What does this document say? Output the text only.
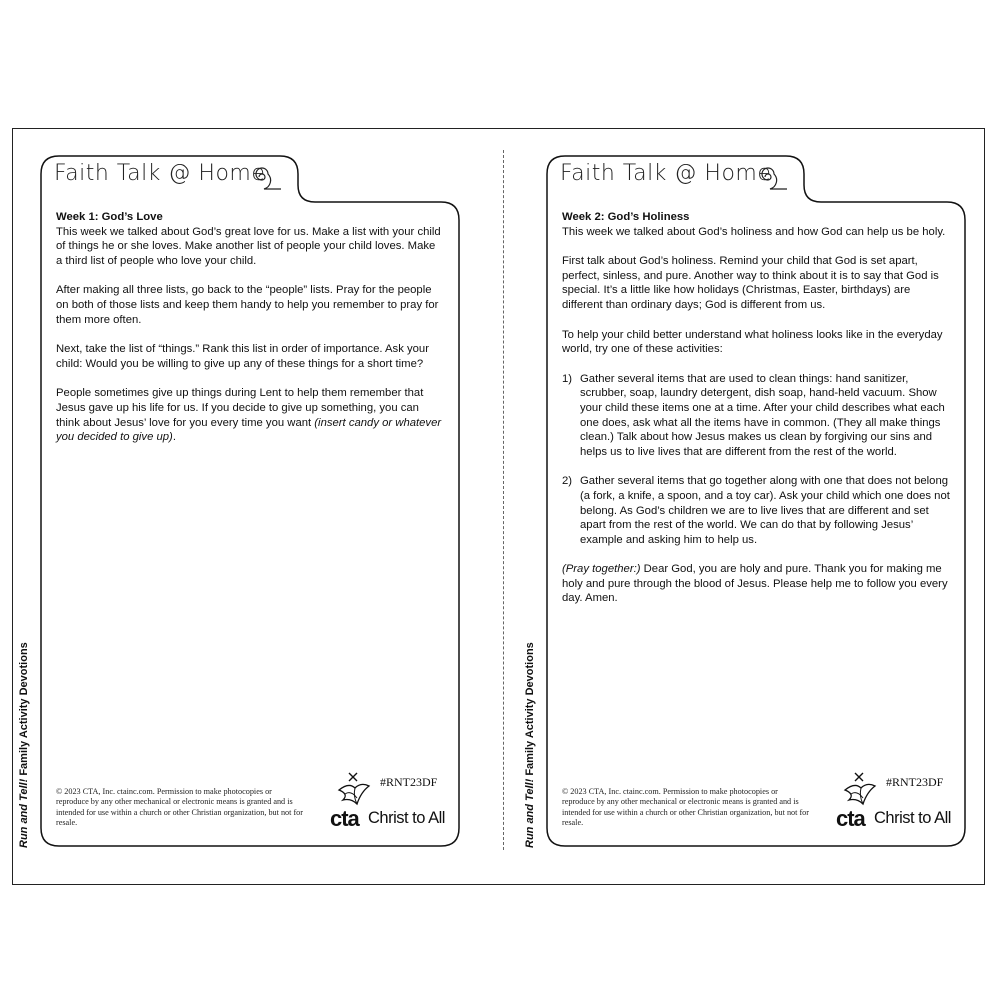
Run and Tell! Family Activity Devotions
Run and Tell! Family Activity Devotions
Faith Talk @ Home

Week 1: God’s Love

This week we talked about God’s great love for us. Make a list with your child of things he or she loves. Make another list of people your child loves. Make a third list of people who love your child.

After making all three lists, go back to the “people” lists. Pray for the people on both of those lists and keep them handy to help you remember to pray for them more often.

Next, take the list of “things.” Rank this list in order of importance. Ask your child: Would you be willing to give up any of these things for a short time?

People sometimes give up things during Lent to help them remember that Jesus gave up his life for us. If you decide to give up something, you can think about Jesus’ love for you every time you want (insert candy or whatever you decided to give up).

© 2023 CTA, Inc. ctainc.com. Permission to make photocopies or reproduce by any other mechanical or electronic means is granted and is intended for use within a church or other Christian organization, but not for resale.	cta Christ to All
#RNT23DF
Faith Talk @ Home

Week 2: God’s Holiness

This week we talked about God’s holiness and how God can help us be holy.

First talk about God’s holiness. Remind your child that God is set apart, perfect, sinless, and pure. Another way to think about it is to say that God is special. It’s a little like how holidays (Christmas, Easter, birthdays) are different than ordinary days; God is different from us.

To help your child better understand what holiness looks like in the everyday world, try one of these activities:

1) Gather several items that are used to clean things: hand sanitizer, scrubber, soap, laundry detergent, dish soap, hand-held vacuum. Show your child these items one at a time. After your child describes what each one does, ask what all the items have in common. (They all make things clean.) Talk about how Jesus makes us clean by forgiving our sins and helps us to live lives that are different from the rest of the world.
2) Gather several items that go together along with one that does not belong (a fork, a knife, a spoon, and a toy car). Ask your child which one does not belong. As God’s children we are to live lives that are different and set apart from the rest of the world. We can do that by following Jesus’ example and asking him to help us.

(Pray together:) Dear God, you are holy and pure. Thank you for making me holy and pure through the blood of Jesus. Please help me to follow you every day. Amen.

© 2023 CTA, Inc. ctainc.com. Permission to make photocopies or reproduce by any other mechanical or electronic means is granted and is intended for use within a church or other Christian organization, but not for resale.	cta Christ to All
#RNT23DF
